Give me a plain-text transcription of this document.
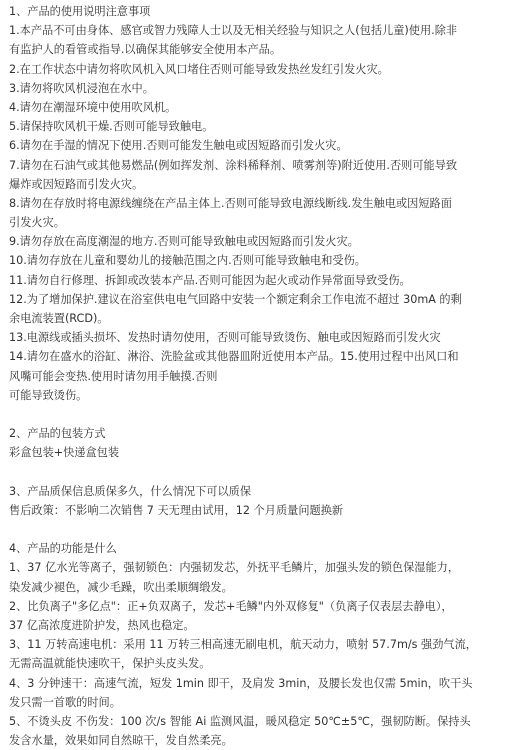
1、产品的使用说明注意事项
1.本产品不可由身体、感官或智力残障人士以及无相关经验与知识之人(包括儿童)使用.除非
有监护人的看管或指导.以确保其能够安全使用本产品。
2.在工作状态中请勿将吹风机入风口堵住否则可能导致发热丝发红引发火灾。
3.请勿将吹风机浸泡在水中。
4.请勿在潮湿环境中使用吹风机。
5.请保持吹风机干燥.否则可能导致触电。
6.请勿在手湿的情况下使用.否则可能发生触电或因短路而引发火灾。
7.请勿在石油气或其他易燃品(例如挥发剂、涂料稀释剂、喷雾剂等)附近使用.否则可能导致
爆炸或因短路而引发火灾。
8.请勿在存放时将电源线缠绕在产品主体上.否则可能导致电源线断线.发生触电或因短路面
引发火灾。
9.请勿存放在高度潮湿的地方.否则可能导致触电或因短路而引发火灾。
10.请勿存放在儿童和婴幼儿的接触范围之内.否则可能导致触电和受伤。
11.请勿自行修理、拆卸或改装本产品.否则可能因为起火或动作异常面导致受伤。
12.为了增加保护.建议在浴室供电电气回路中安装一个额定剩余工作电流不超过 30mA 的剩
余电流装置(RCD)。
13.电源线或插头损坏、发热时请勿使用，否则可能导致烫伤、触电或因短路而引发火灾
14.请勿在盛水的浴缸、淋浴、洗脸盆或其他器皿附近使用本产品。15.使用过程中出风口和
风嘴可能会变热.使用时请勿用手触摸.否则
可能导致烫伤。
2、产品的包装方式
彩盒包装+快递盒包装
3、产品质保信息质保多久，什么情况下可以质保
售后政策：不影响二次销售 7 天无理由试用，12 个月质量问题换新
4、产品的功能是什么
1、37 亿水光等离子，强韧锁色：内强韧发芯，外抚平毛鳞片，加强头发的锁色保湿能力，
染发减少褪色，减少毛躁，吹出柔顺绸缎发。
2、比负离子"多亿点"：正+负双离子，发芯+毛鳞"内外双修复"（负离子仅表层去静电），
37 亿高浓度进阶护发，热风也稳定。
3、11 万转高速电机：采用 11 万转三相高速无刷电机，航天动力，喷射 57.7m/s 强劲气流，
无需高温就能快速吹干，保护头皮头发。
4、3 分钟速干：高速气流，短发 1min 即干，及肩发 3min，及腰长发也仅需 5min，吹干头
发只需一首歌的时间。
5、不烫头皮 不伤发：100 次/s 智能 Ai 监测风温，暖风稳定 50℃±5℃，强韧防断。保持头
发含水量，效果如同自然晾干，发自然柔亮。
